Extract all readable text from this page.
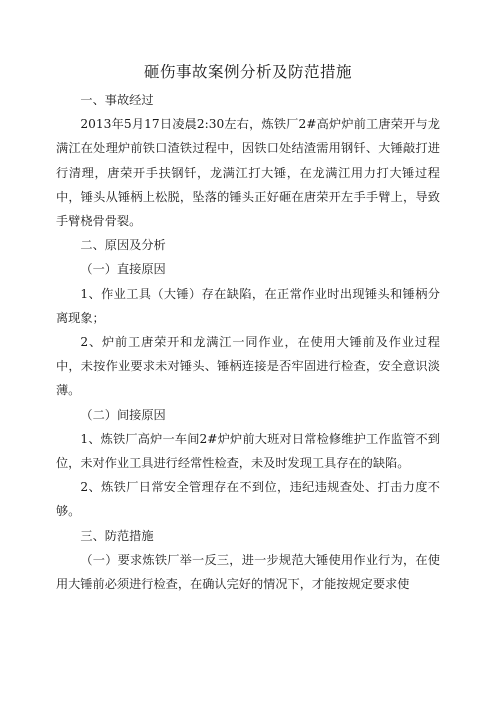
砸伤事故案例分析及防范措施

一、事故经过

2013年5月17日凌晨2:30左右，炼铁厂2#高炉炉前工唐荣开与龙满江在处理炉前铁口渣铁过程中，因铁口处结渣需用钢钎、大锤敲打进行清理，唐荣开手扶钢钎，龙满江打大锤，在龙满江用力打大锤过程中，锤头从锤柄上松脱，坠落的锤头正好砸在唐荣开左手手臂上，导致手臂桡骨骨裂。

二、原因及分析

（一）直接原因

1、作业工具（大锤）存在缺陷，在正常作业时出现锤头和锤柄分离现象；

2、炉前工唐荣开和龙满江一同作业，在使用大锤前及作业过程中，未按作业要求未对锤头、锤柄连接是否牢固进行检查，安全意识淡薄。

（二）间接原因

1、炼铁厂高炉一车间2#炉炉前大班对日常检修维护工作监管不到位，未对作业工具进行经常性检查，未及时发现工具存在的缺陷。

2、炼铁厂日常安全管理存在不到位，违纪违规查处、打击力度不够。

三、防范措施

（一）要求炼铁厂举一反三，进一步规范大锤使用作业行为，在使用大锤前必须进行检查，在确认完好的情况下，才能按规定要求使
